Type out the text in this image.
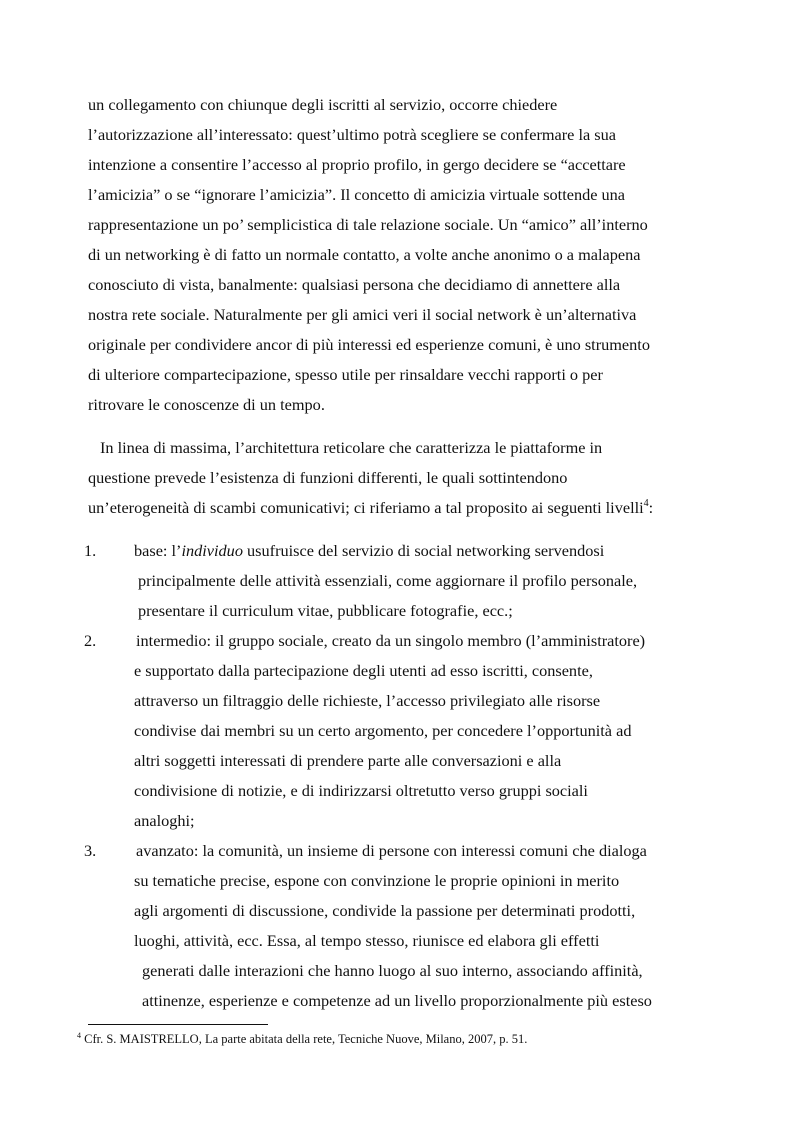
un collegamento con chiunque degli iscritti al servizio, occorre chiedere
l’autorizzazione all’interessato: quest’ultimo potrà scegliere se confermare la sua
intenzione a consentire l’accesso al proprio profilo, in gergo decidere se “accettare
l’amicizia” o se “ignorare l’amicizia”. Il concetto di amicizia virtuale sottende una
rappresentazione un po’ semplicistica di tale relazione sociale. Un “amico” all’interno
di un networking è di fatto un normale contatto, a volte anche anonimo o a malapena
conosciuto di vista, banalmente: qualsiasi persona che decidiamo di annettere alla
nostra rete sociale. Naturalmente per gli amici veri il social network è un’alternativa
originale per condividere ancor di più interessi ed esperienze comuni, è uno strumento
di ulteriore compartecipazione, spesso utile per rinsaldare vecchi rapporti o per
ritrovare le conoscenze di un tempo.
In linea di massima, l’architettura reticolare che caratterizza le piattaforme in
questione prevede l’esistenza di funzioni differenti, le quali sottintendono
un’eterogeneità di scambi comunicativi; ci riferiamo a tal proposito ai seguenti livelli$^4$:
1. base: l’individuo usufruisce del servizio di social networking servendosi
principalmente delle attività essenziali, come aggiornare il profilo personale,
presentare il curriculum vitae, pubblicare fotografie, ecc.;
2. intermedio: il gruppo sociale, creato da un singolo membro (l’amministratore)
e supportato dalla partecipazione degli utenti ad esso iscritti, consente,
attraverso un filtraggio delle richieste, l’accesso privilegiato alle risorse
condivise dai membri su un certo argomento, per concedere l’opportunità ad
altri soggetti interessati di prendere parte alle conversazioni e alla
condivisione di notizie, e di indirizzarsi oltretutto verso gruppi sociali
analoghi;
3. avanzato: la comunità, un insieme di persone con interessi comuni che dialoga
su tematiche precise, espone con convinzione le proprie opinioni in merito
agli argomenti di discussione, condivide la passione per determinati prodotti,
luoghi, attività, ecc. Essa, al tempo stesso, riunisce ed elabora gli effetti
generati dalle interazioni che hanno luogo al suo interno, associando affinità,
attinenze, esperienze e competenze ad un livello proporzionalmente più esteso
$^4$ Cfr. S. MAISTRELLO, La parte abitata della rete, Tecniche Nuove, Milano, 2007, p. 51.
